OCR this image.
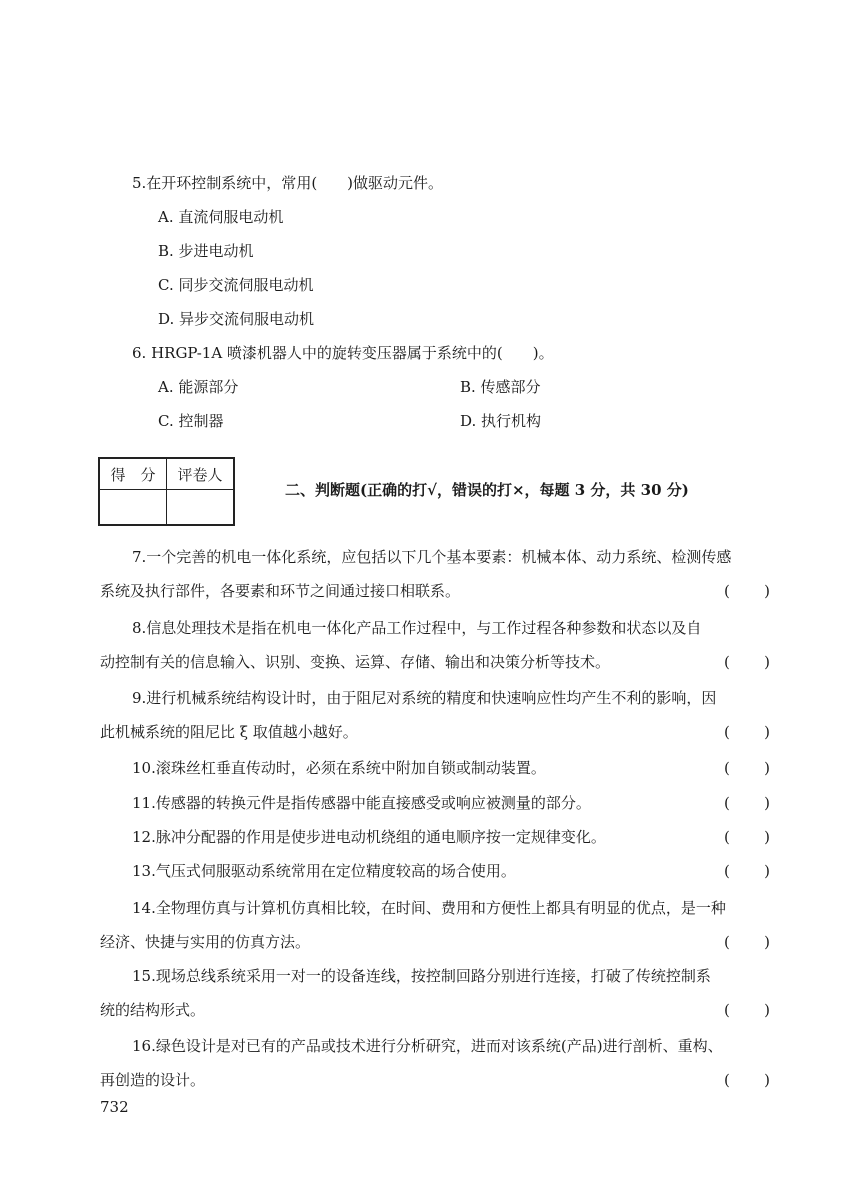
5.在开环控制系统中，常用(　　)做驱动元件。
A. 直流伺服电动机
B. 步进电动机
C. 同步交流伺服电动机
D. 异步交流伺服电动机
6. HRGP-1A 喷漆机器人中的旋转变压器属于系统中的(　　)。
A. 能源部分	B. 传感部分
C. 控制器	D. 执行机构
得　分	评卷人

二、判断题(正确的打√，错误的打×，每题 3 分，共 30 分)
7.一个完善的机电一体化系统，应包括以下几个基本要素：机械本体、动力系统、检测传感
系统及执行部件，各要素和环节之间通过接口相联系。	( )
8.信息处理技术是指在机电一体化产品工作过程中，与工作过程各种参数和状态以及自
动控制有关的信息输入、识别、变换、运算、存储、输出和决策分析等技术。	( )
9.进行机械系统结构设计时，由于阻尼对系统的精度和快速响应性均产生不利的影响，因
此机械系统的阻尼比 ξ 取值越小越好。	( )
10.滚珠丝杠垂直传动时，必须在系统中附加自锁或制动装置。	( )
11.传感器的转换元件是指传感器中能直接感受或响应被测量的部分。	( )
12.脉冲分配器的作用是使步进电动机绕组的通电顺序按一定规律变化。	( )
13.气压式伺服驱动系统常用在定位精度较高的场合使用。	( )
14.全物理仿真与计算机仿真相比较，在时间、费用和方便性上都具有明显的优点，是一种
经济、快捷与实用的仿真方法。	( )
15.现场总线系统采用一对一的设备连线，按控制回路分别进行连接，打破了传统控制系
统的结构形式。	( )
16.绿色设计是对已有的产品或技术进行分析研究，进而对该系统(产品)进行剖析、重构、
再创造的设计。	( )
732
